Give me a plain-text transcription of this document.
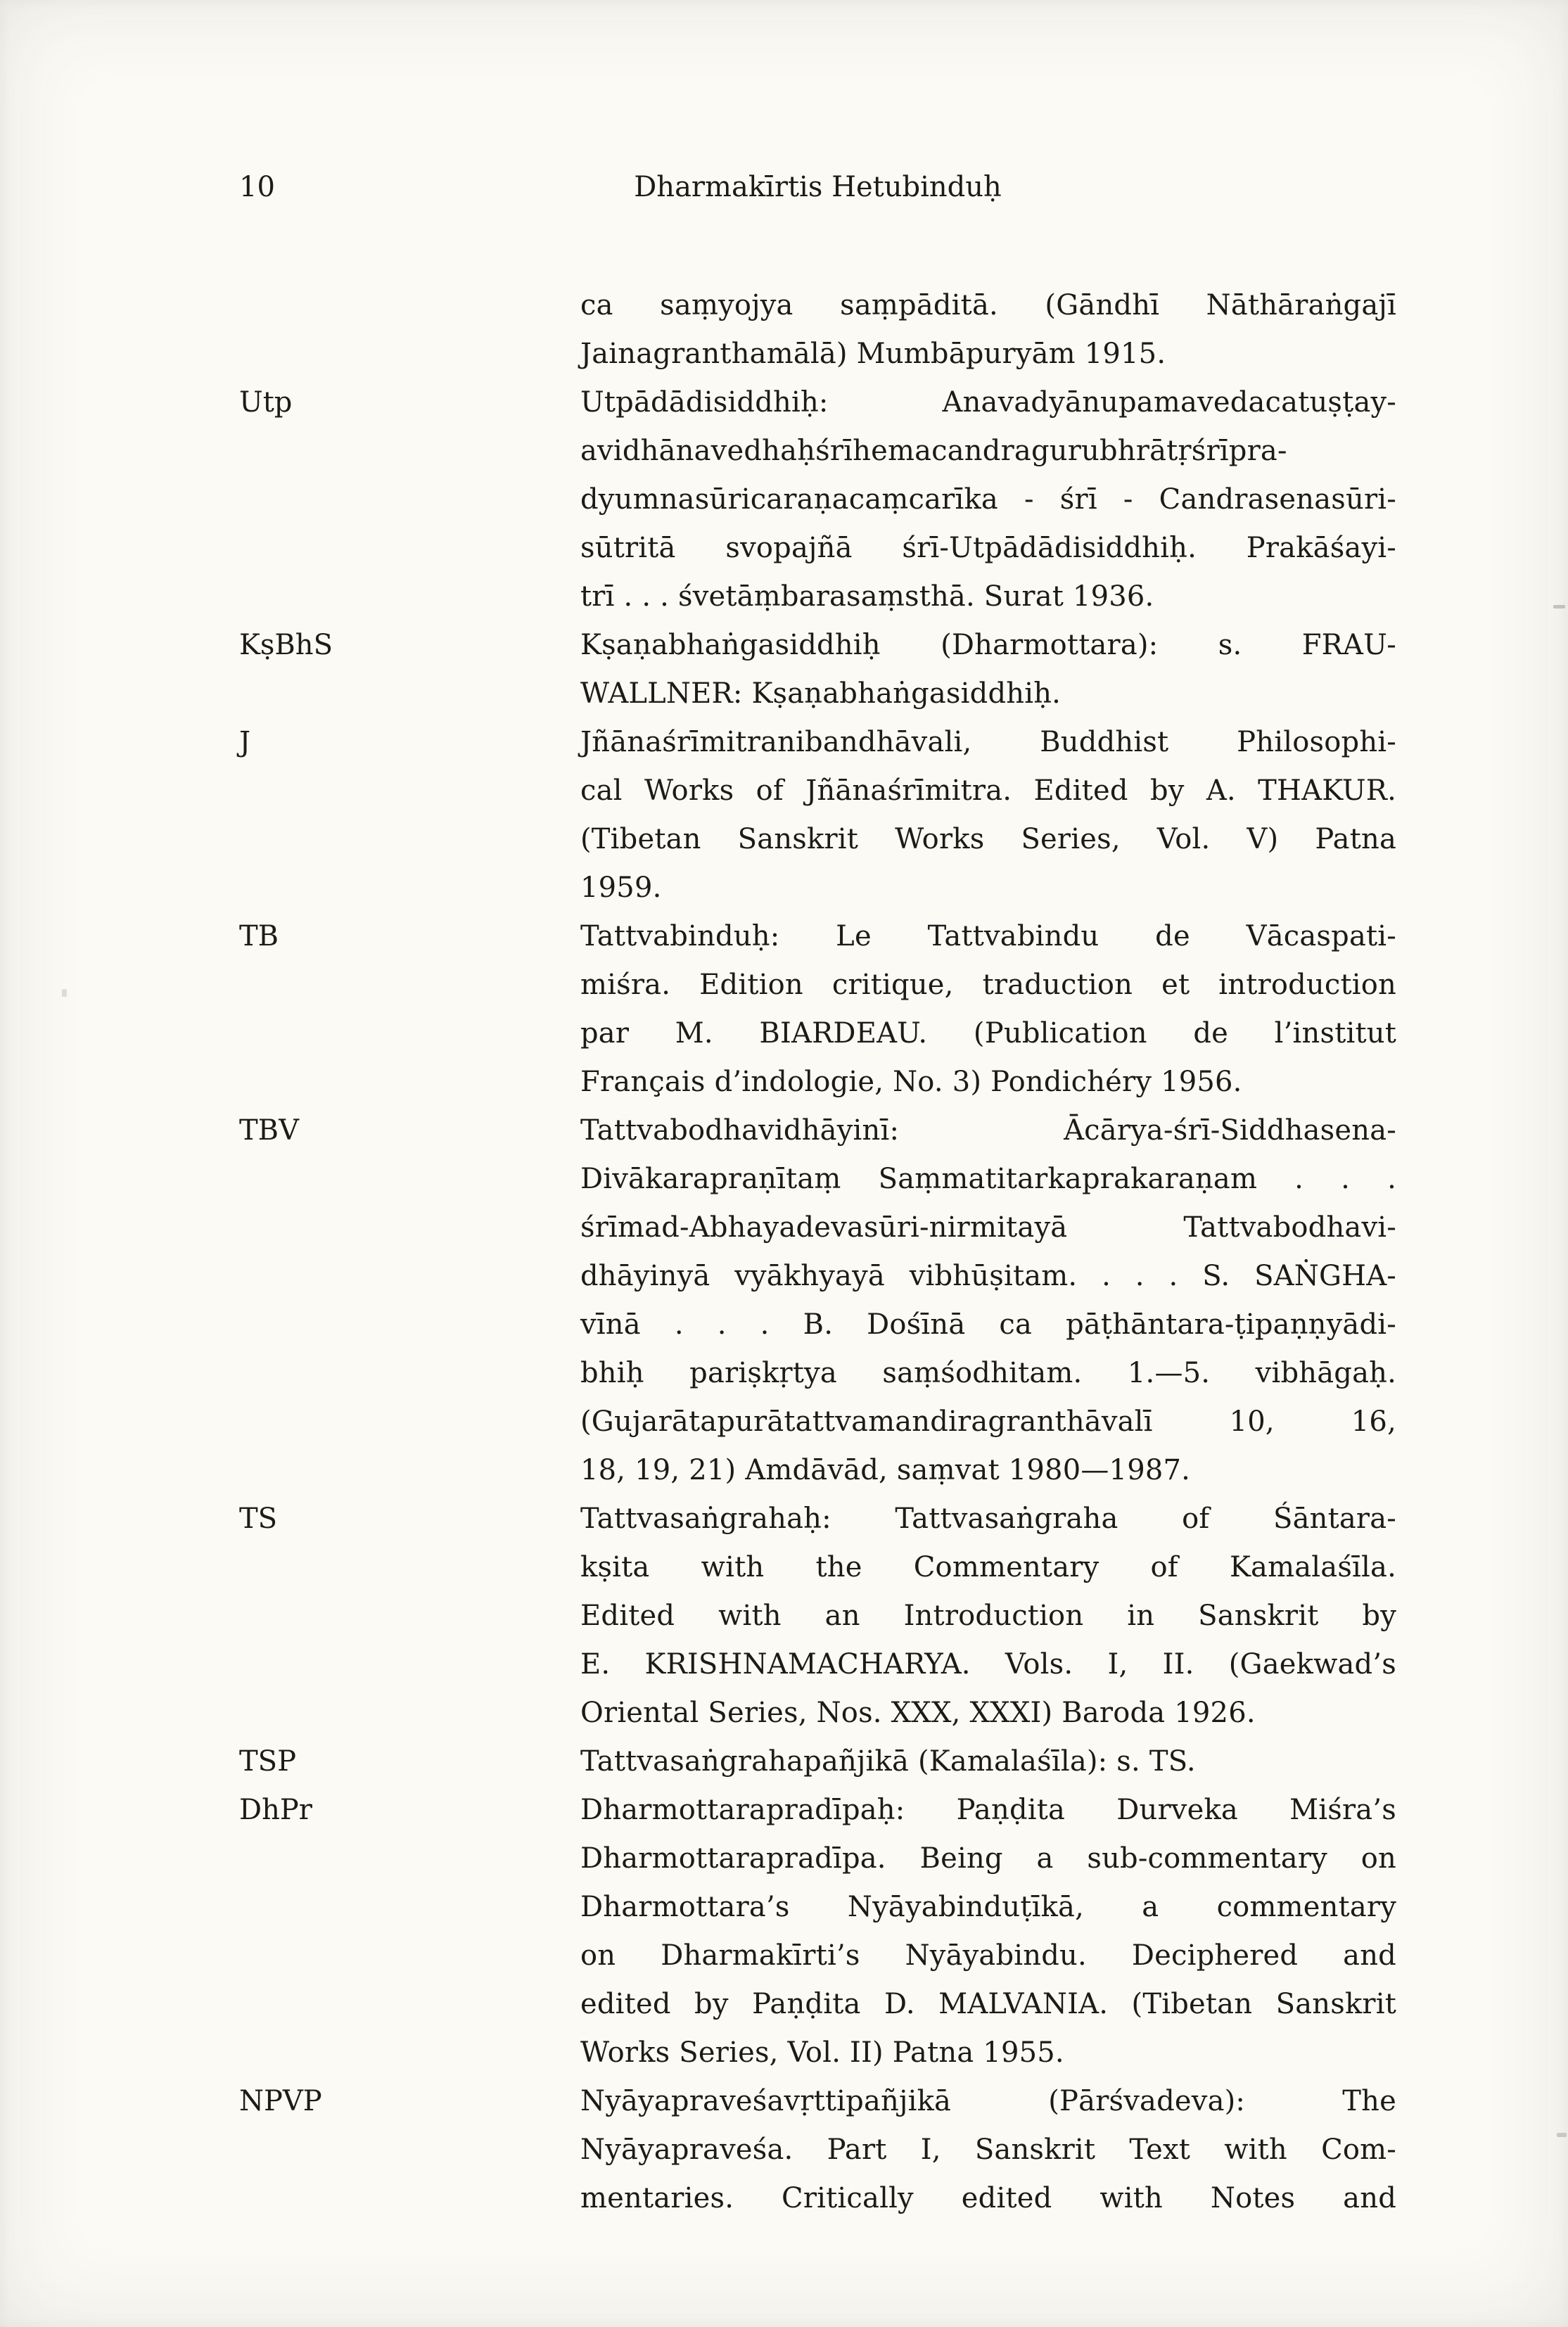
10	Dharmakīrtis Hetubinduḥ
ca saṃyojya saṃpāditā. (Gāndhī Nāthāraṅgajī
Jainagranthamālā) Mumbāpuryām 1915.
Utp	Utpādādisiddhiḥ: Anavadyānupamavedacatuṣṭay-
avidhānavedhaḥśrīhemacandragurubhrātṛśrīpra-
dyumnasūricaraṇacaṃcarīka - śrī - Candrasenasūri-
sūtritā svopajñā śrī-Utpādādisiddhiḥ. Prakāśayi-
trī . . . śvetāṃbarasaṃsthā. Surat 1936.
KṣBhS	Kṣaṇabhaṅgasiddhiḥ (Dharmottara): s. FRAU-
WALLNER: Kṣaṇabhaṅgasiddhiḥ.
J	Jñānaśrīmitranibandhāvali, Buddhist Philosophi-
cal Works of Jñānaśrīmitra. Edited by A. THAKUR.
(Tibetan Sanskrit Works Series, Vol. V) Patna
1959.
TB	Tattvabinduḥ: Le Tattvabindu de Vācaspati-
miśra. Edition critique, traduction et introduction
par M. BIARDEAU. (Publication de l’institut
Français d’indologie, No. 3) Pondichéry 1956.
TBV	Tattvabodhavidhāyinī: Ācārya-śrī-Siddhasena-
Divākarapraṇītaṃ Saṃmatitarkaprakaraṇam . . .
śrīmad-Abhayadevasūri-nirmitayā Tattvabodhavi-
dhāyinyā vyākhyayā vibhūṣitam. . . . S. SAṄGHA-
vīnā . . . B. Dośīnā ca pāṭhāntara-ṭipaṇṇyādi-
bhiḥ pariṣkṛtya saṃśodhitam. 1.—5. vibhāgaḥ.
(Gujarātapurātattvamandiragranthāvalī 10, 16,
18, 19, 21) Amdāvād, saṃvat 1980—1987.
TS	Tattvasaṅgrahaḥ: Tattvasaṅgraha of Śāntara-
kṣita with the Commentary of Kamalaśīla.
Edited with an Introduction in Sanskrit by
E. KRISHNAMACHARYA. Vols. I, II. (Gaekwad’s
Oriental Series, Nos. XXX, XXXI) Baroda 1926.
TSP	Tattvasaṅgrahapañjikā (Kamalaśīla): s. TS.
DhPr	Dharmottarapradīpaḥ: Paṇḍita Durveka Miśra’s
Dharmottarapradīpa. Being a sub-commentary on
Dharmottara’s Nyāyabinduṭīkā, a commentary
on Dharmakīrti’s Nyāyabindu. Deciphered and
edited by Paṇḍita D. MALVANIA. (Tibetan Sanskrit
Works Series, Vol. II) Patna 1955.
NPVP	Nyāyapraveśavṛttipañjikā (Pārśvadeva): The
Nyāyapraveśa. Part I, Sanskrit Text with Com-
mentaries. Critically edited with Notes and
